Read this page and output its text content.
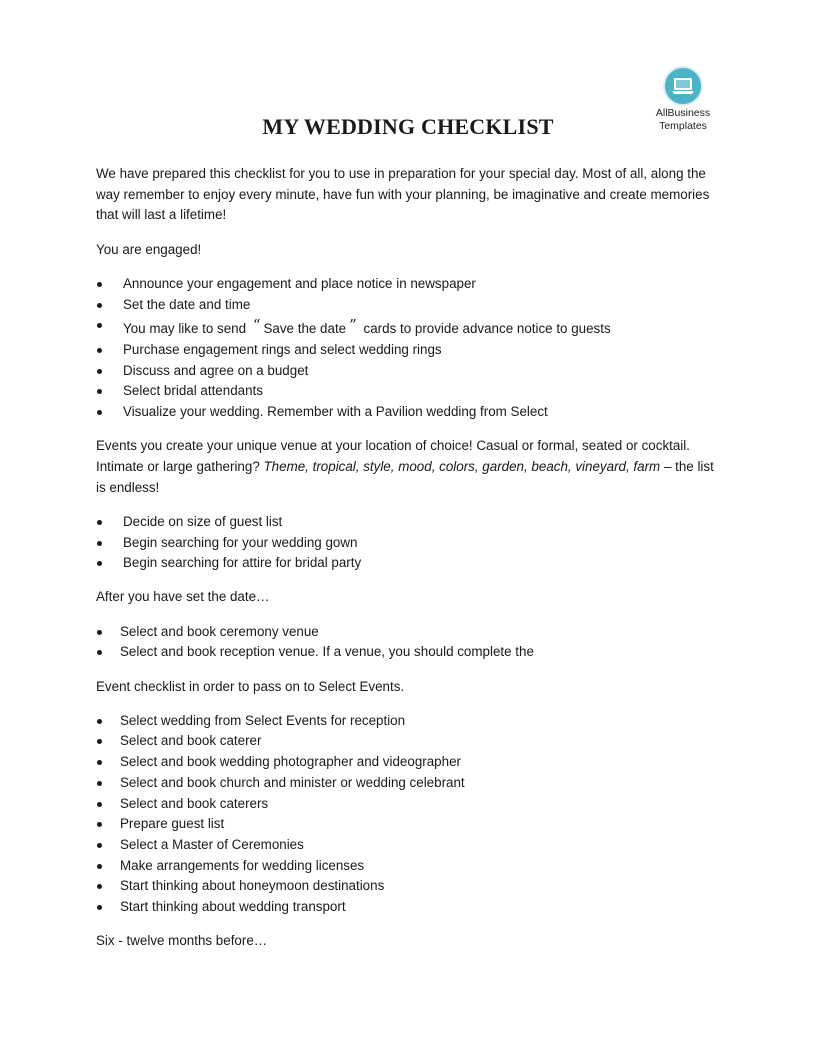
AllBusiness
Templates
MY WEDDING CHECKLIST

We have prepared this checklist for you to use in preparation for your special day. Most of all, along the way remember to enjoy every minute, have fun with your planning, be imaginative and create memories that will last a lifetime!

You are engaged!

Announce your engagement and place notice in newspaper
Set the date and time
You may like to send “ Save the date ” cards to provide advance notice to guests
Purchase engagement rings and select wedding rings
Discuss and agree on a budget
Select bridal attendants
Visualize your wedding. Remember with a Pavilion wedding from Select

Events you create your unique venue at your location of choice! Casual or formal, seated or cocktail. Intimate or large gathering? Theme, tropical, style, mood, colors, garden, beach, vineyard, farm – the list is endless!

Decide on size of guest list
Begin searching for your wedding gown
Begin searching for attire for bridal party

After you have set the date…

Select and book ceremony venue
Select and book reception venue. If a venue, you should complete the

Event checklist in order to pass on to Select Events.

Select wedding from Select Events for reception
Select and book caterer
Select and book wedding photographer and videographer
Select and book church and minister or wedding celebrant
Select and book caterers
Prepare guest list
Select a Master of Ceremonies
Make arrangements for wedding licenses
Start thinking about honeymoon destinations
Start thinking about wedding transport

Six - twelve months before…
